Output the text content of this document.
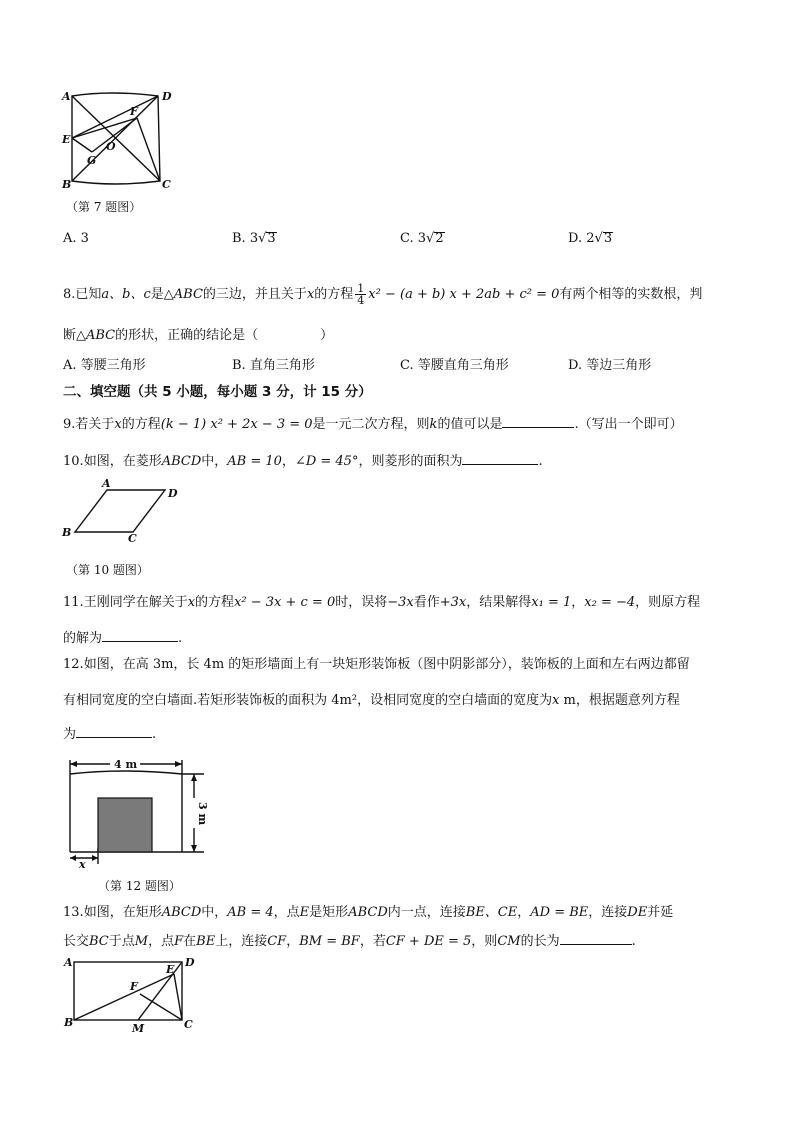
A	D
F
E
O
G
B	C
（第 7 题图）
A. 3	B. 3√3	C. 3√2	D. 2√3
8.已知a、b、c是△ABC的三边，并且关于x的方程 $\frac{1}{4} x^2 - (a + b) x + 2ab + c^2 = 0$有两个相等的实数根，判
断△ABC的形状，正确的结论是（	）
A. 等腰三角形	B. 直角三角形	C. 等腰直角三角形	D. 等边三角形
二、填空题（共 5 小题，每小题 3 分，计 15 分）
9.若关于x的方程(k − 1) x² + 2x − 3 = 0是一元二次方程，则k的值可以是	.（写出一个即可）
10.如图，在菱形ABCD中，AB = 10，∠D = 45°，则菱形的面积为	.
A
D
B	C
（第 10 题图）
11.王刚同学在解关于x的方程x² − 3x + c = 0时，误将−3x看作+3x，结果解得x₁ = 1，x₂ = −4，则原方程
的解为	.
12.如图，在高 3m，长 4m 的矩形墙面上有一块矩形装饰板（图中阴影部分），装饰板的上面和左右两边都留
有相同宽度的空白墙面.若矩形装饰板的面积为 4m²，设相同宽度的空白墙面的宽度为x m，根据题意列方程
为	.
4 m
3 m
x
（第 12 题图）
13.如图，在矩形ABCD中，AB = 4，点E是矩形ABCD内一点，连接BE、CE，AD = BE，连接DE并延
长交BC于点M，点F在BE上，连接CF，BM = BF，若CF + DE = 5，则CM的长为	.
A	D
E
F
B	M	C
